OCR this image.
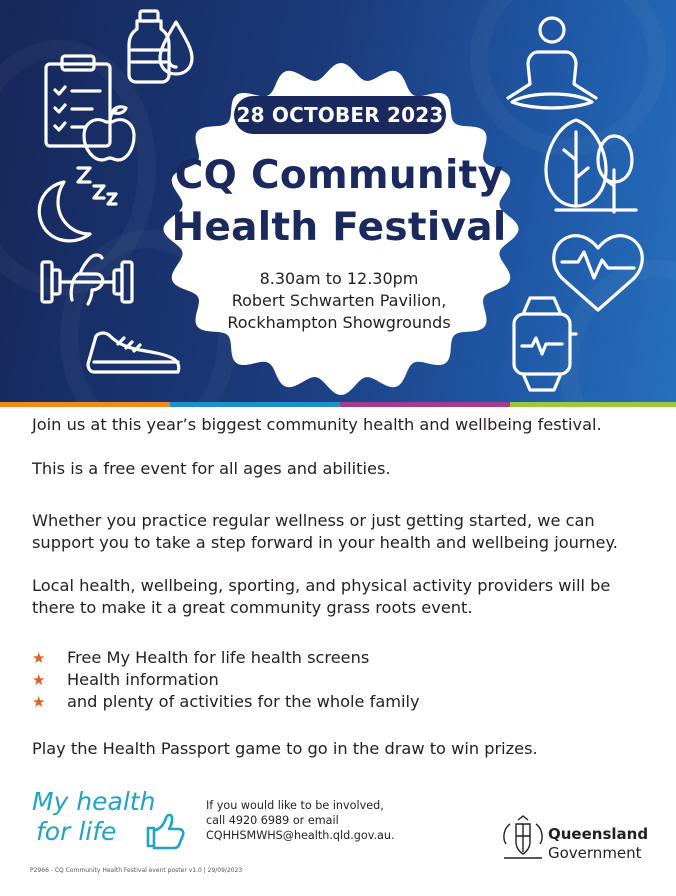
28 OCTOBER 2023
CQ Community
Health Festival
8.30am to 12.30pm
Robert Schwarten Pavilion,
Rockhampton Showgrounds

Join us at this year’s biggest community health and wellbeing festival.

This is a free event for all ages and abilities.

Whether you practice regular wellness or just getting started, we can
support you to take a step forward in your health and wellbeing journey.

Local health, wellbeing, sporting, and physical activity providers will be
there to make it a great community grass roots event.

★ Free My Health for life health screens
★ Health information
★ and plenty of activities for the whole family

Play the Health Passport game to go in the draw to win prizes.

My health
for life
If you would like to be involved,
call 4920 6989 or email
CQHHSMWHS@health.qld.gov.au.	Queensland
Government
P2966 - CQ Community Health Festival event poster v1.0 | 29/09/2023
